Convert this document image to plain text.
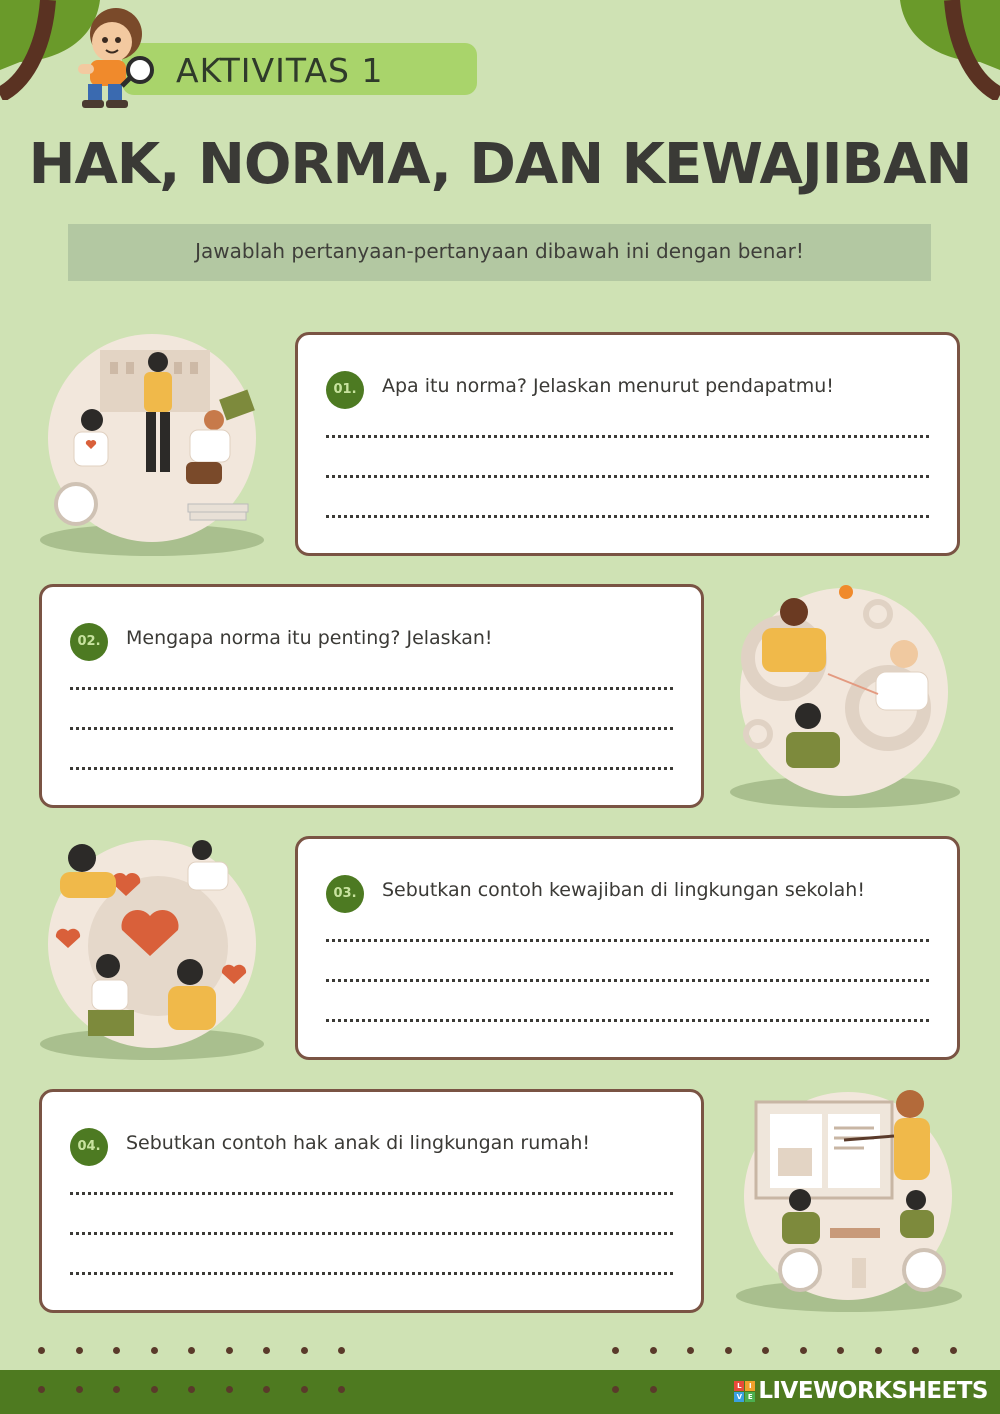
AKTIVITAS 1
HAK, NORMA, DAN KEWAJIBAN
Jawablah pertanyaan-pertanyaan dibawah ini dengan benar!
01.	Apa itu norma? Jelaskan menurut pendapatmu!
02.	Mengapa norma itu penting? Jelaskan!
03.	Sebutkan contoh kewajiban di lingkungan sekolah!
04.	Sebutkan contoh hak anak di lingkungan rumah!
L	I
V E LIVEWORKSHEETS
